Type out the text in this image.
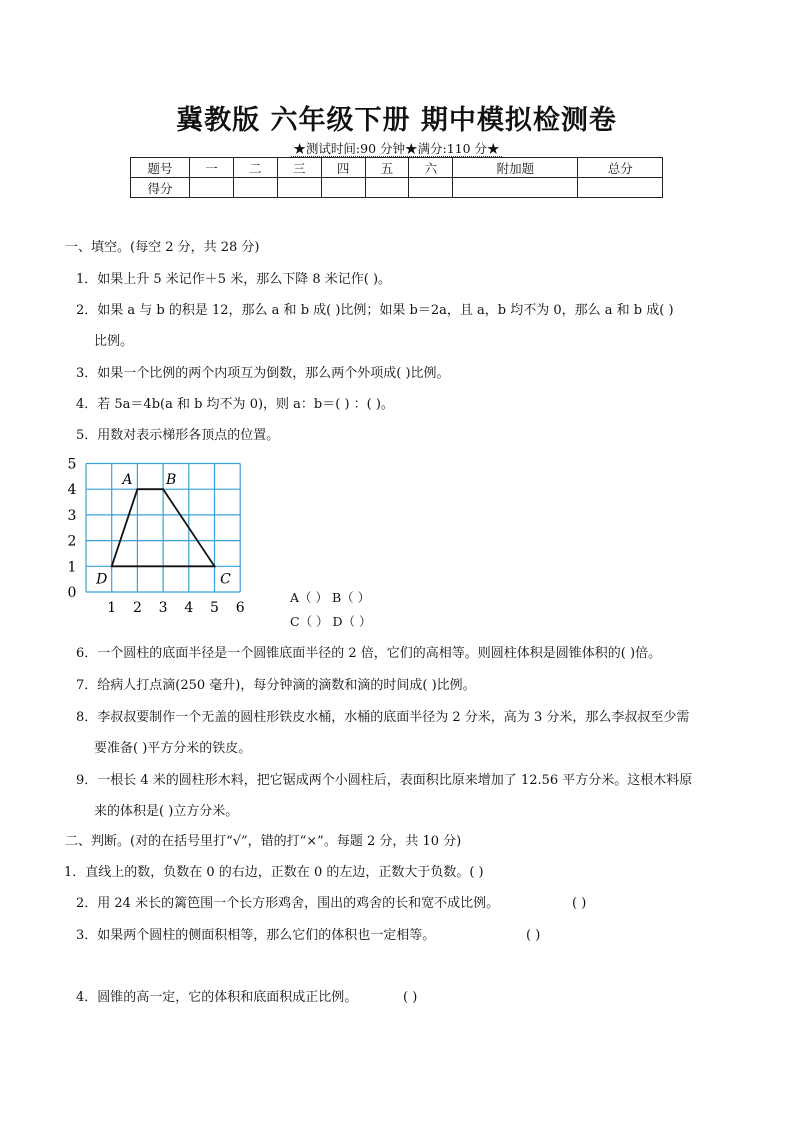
冀教版 六年级下册 期中模拟检测卷
★测试时间:90 分钟★满分:110 分★
题号	一	二	三	四	五	六	附加题	总分
得分								
一、填空。(每空 2 分，共 28 分)
1．如果上升 5 米记作＋5 米，那么下降 8 米记作( )。
2．如果 a 与 b 的积是 12，那么 a 和 b 成( )比例；如果 b＝2a，且 a，b 均不为 0，那么 a 和 b 成( )
比例。
3．如果一个比例的两个内项互为倒数，那么两个外项成( )比例。
4．若 5a＝4b(a 和 b 均不为 0)，则 a：b＝( ) ：( )。
5．用数对表示梯形各顶点的位置。
5
4
3
2
1
0
1 2 3 4 5 6
A B
C
D
A（ ） B（ ）
C（ ） D（ ）
6．一个圆柱的底面半径是一个圆锥底面半径的 2 倍，它们的高相等。则圆柱体积是圆锥体积的( )倍。
7．给病人打点滴(250 毫升)，每分钟滴的滴数和滴的时间成( )比例。
8．李叔叔要制作一个无盖的圆柱形铁皮水桶，水桶的底面半径为 2 分米，高为 3 分米，那么李叔叔至少需
要准备( )平方分米的铁皮。
9．一根长 4 米的圆柱形木料，把它锯成两个小圆柱后，表面积比原来增加了 12.56 平方分米。这根木料原
来的体积是( )立方分米。
二、判断。(对的在括号里打“√”，错的打“×”。每题 2 分，共 10 分)
1．直线上的数，负数在 0 的右边，正数在 0 的左边，正数大于负数。( )
2．用 24 米长的篱笆围一个长方形鸡舍，围出的鸡舍的长和宽不成比例。	( )
3．如果两个圆柱的侧面积相等，那么它们的体积也一定相等。	( )
4．圆锥的高一定，它的体积和底面积成正比例。	( )
